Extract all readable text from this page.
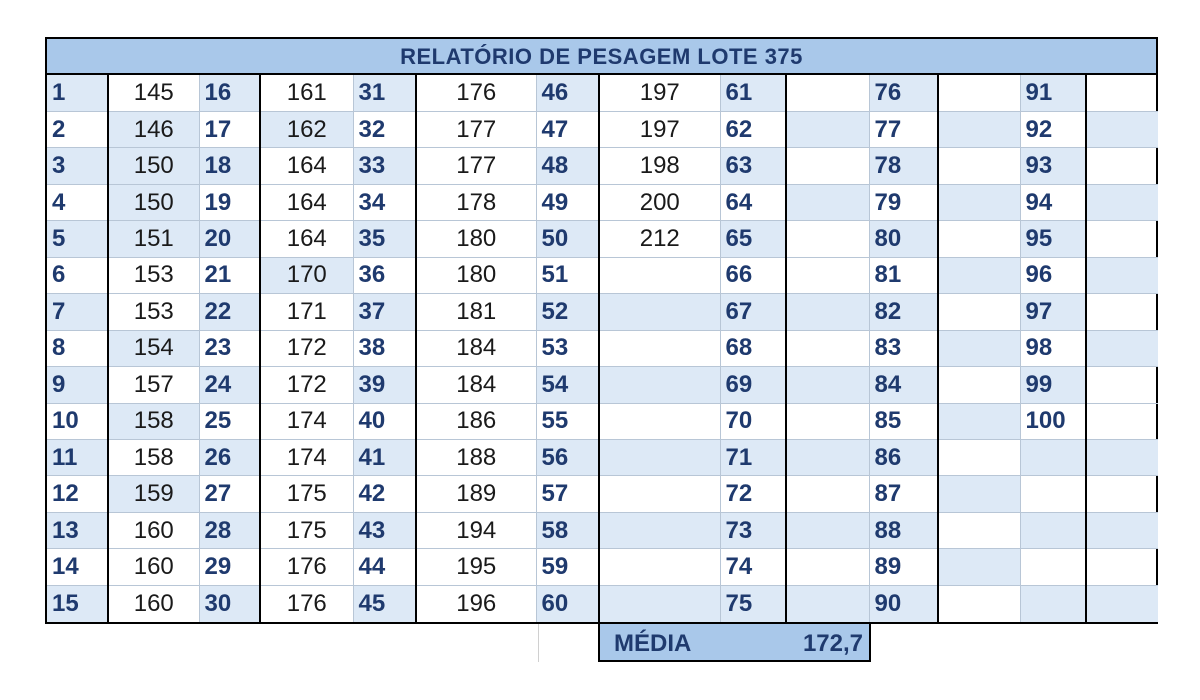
RELATÓRIO DE PESAGEM LOTE 375
1	145	16	161	31	176	46	197	61		76		91	
2	146	17	162	32	177	47	197	62		77		92	
3	150	18	164	33	177	48	198	63		78		93	
4	150	19	164	34	178	49	200	64		79		94	
5	151	20	164	35	180	50	212	65		80		95	
6	153	21	170	36	180	51		66		81		96	
7	153	22	171	37	181	52		67		82		97	
8	154	23	172	38	184	53		68		83		98	
9	157	24	172	39	184	54		69		84		99	
10	158	25	174	40	186	55		70		85		100	
11	158	26	174	41	188	56		71		86			
12	159	27	175	42	189	57		72		87			
13	160	28	175	43	194	58		73		88			
14	160	29	176	44	195	59		74		89			
15	160	30	176	45	196	60		75		90			
MÉDIA	172,7
